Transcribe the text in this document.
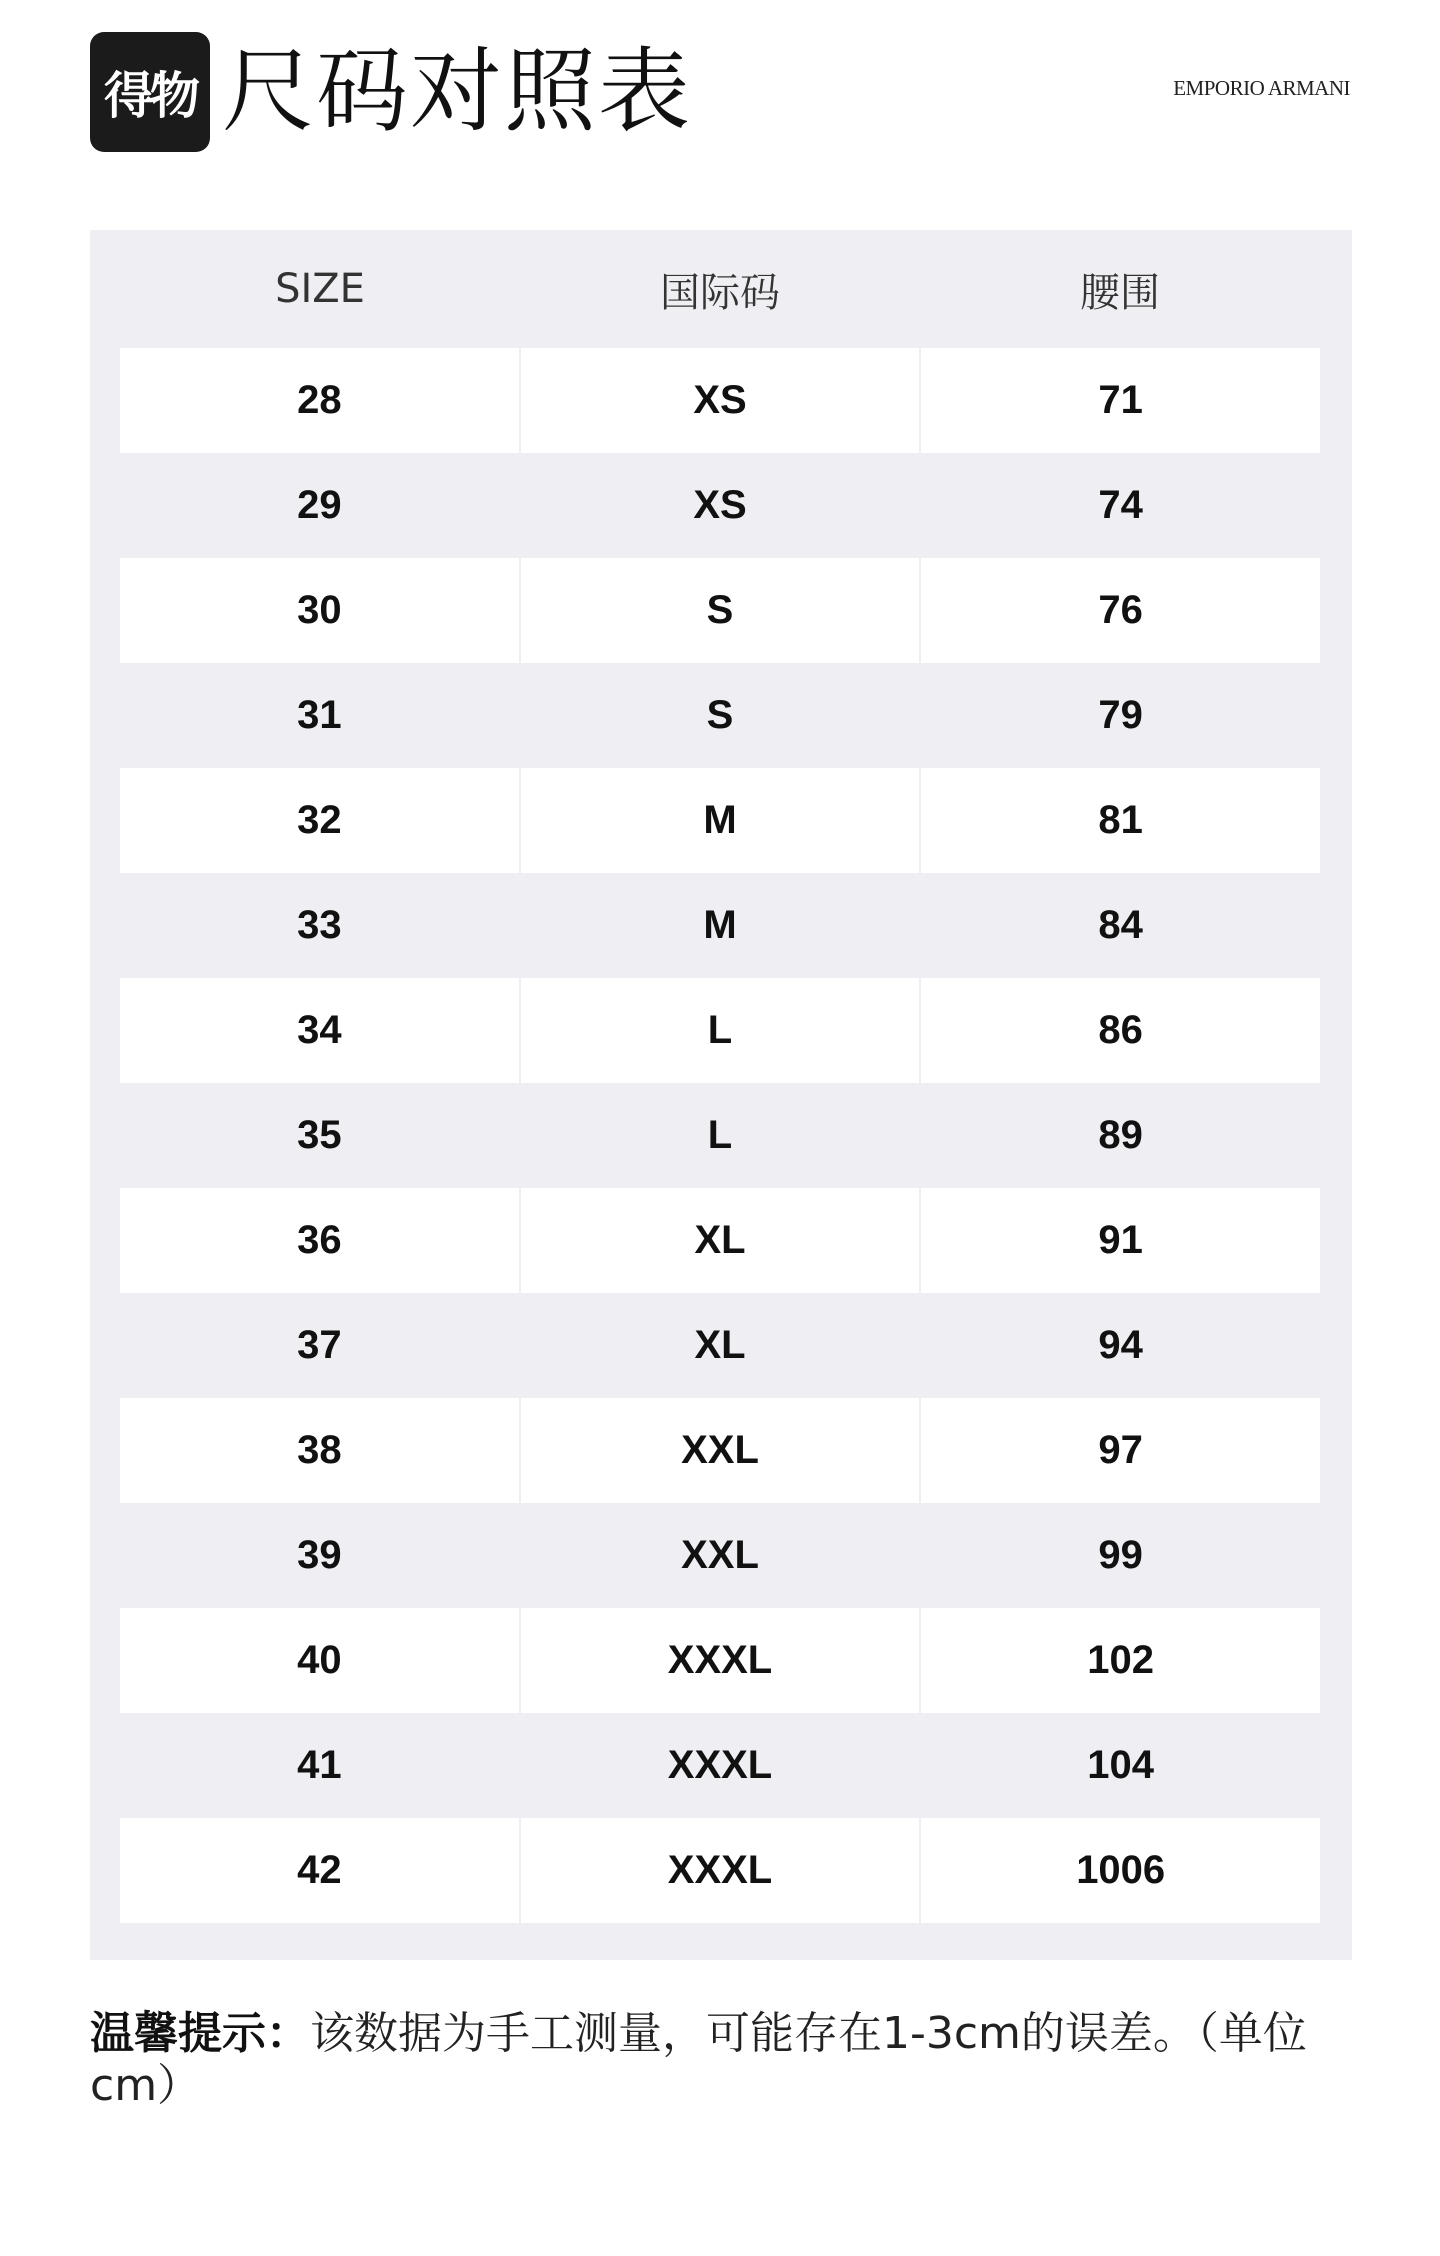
得物 尺码对照表	EMPORIO ARMANI
SIZE	国际码	腰围
28	XS	71
29	XS	74
30	S	76
31	S	79
32	M	81
33	M	84
34	L	86
35	L	89
36	XL	91
37	XL	94
38	XXL	97
39	XXL	99
40	XXXL	102
41	XXXL	104
42	XXXL	1006
温馨提示：该数据为手工测量，可能存在1-3cm的误差。（单位cm）
